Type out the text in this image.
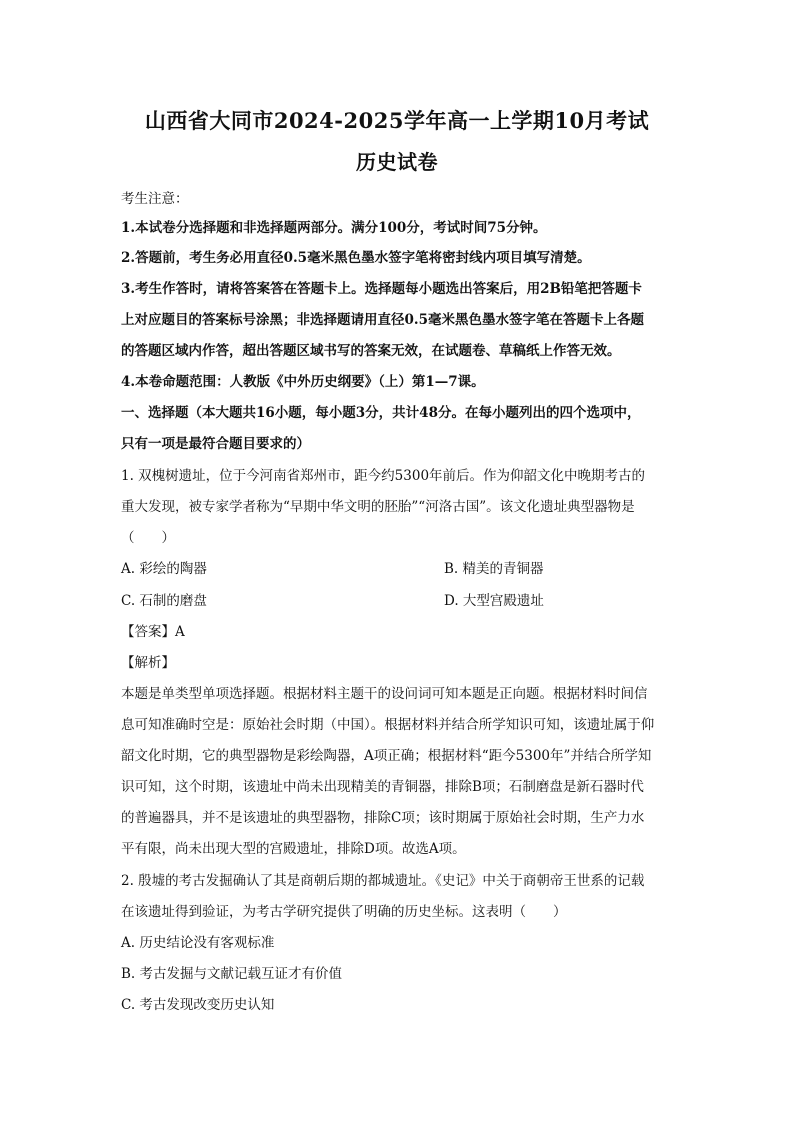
山西省大同市2024-2025学年高一上学期10月考试
历史试卷
考生注意：
1.本试卷分选择题和非选择题两部分。满分100分，考试时间75分钟。
2.答题前，考生务必用直径0.5毫米黑色墨水签字笔将密封线内项目填写清楚。
3.考生作答时，请将答案答在答题卡上。选择题每小题选出答案后，用2B铅笔把答题卡
上对应题目的答案标号涂黑；非选择题请用直径0.5毫米黑色墨水签字笔在答题卡上各题
的答题区域内作答，超出答题区域书写的答案无效，在试题卷、草稿纸上作答无效。
4.本卷命题范围：人教版《中外历史纲要》（上）第1—7课。
一、选择题（本大题共16小题，每小题3分，共计48分。在每小题列出的四个选项中，
只有一项是最符合题目要求的）
1. 双槐树遗址，位于今河南省郑州市，距今约5300年前后。作为仰韶文化中晚期考古的
重大发现，被专家学者称为“早期中华文明的胚胎”“河洛古国”。该文化遗址典型器物是
（　　）
A. 彩绘的陶器	B. 精美的青铜器
C. 石制的磨盘	D. 大型宫殿遗址
【答案】A
【解析】
本题是单类型单项选择题。根据材料主题干的设问词可知本题是正向题。根据材料时间信
息可知准确时空是：原始社会时期（中国）。根据材料并结合所学知识可知，该遗址属于仰
韶文化时期，它的典型器物是彩绘陶器，A项正确；根据材料“距今5300年”并结合所学知
识可知，这个时期，该遗址中尚未出现精美的青铜器，排除B项；石制磨盘是新石器时代
的普遍器具，并不是该遗址的典型器物，排除C项；该时期属于原始社会时期，生产力水
平有限，尚未出现大型的宫殿遗址，排除D项。故选A项。
2. 殷墟的考古发掘确认了其是商朝后期的都城遗址。《史记》中关于商朝帝王世系的记载
在该遗址得到验证，为考古学研究提供了明确的历史坐标。这表明（　　）
A. 历史结论没有客观标准
B. 考古发掘与文献记载互证才有价值
C. 考古发现改变历史认知
